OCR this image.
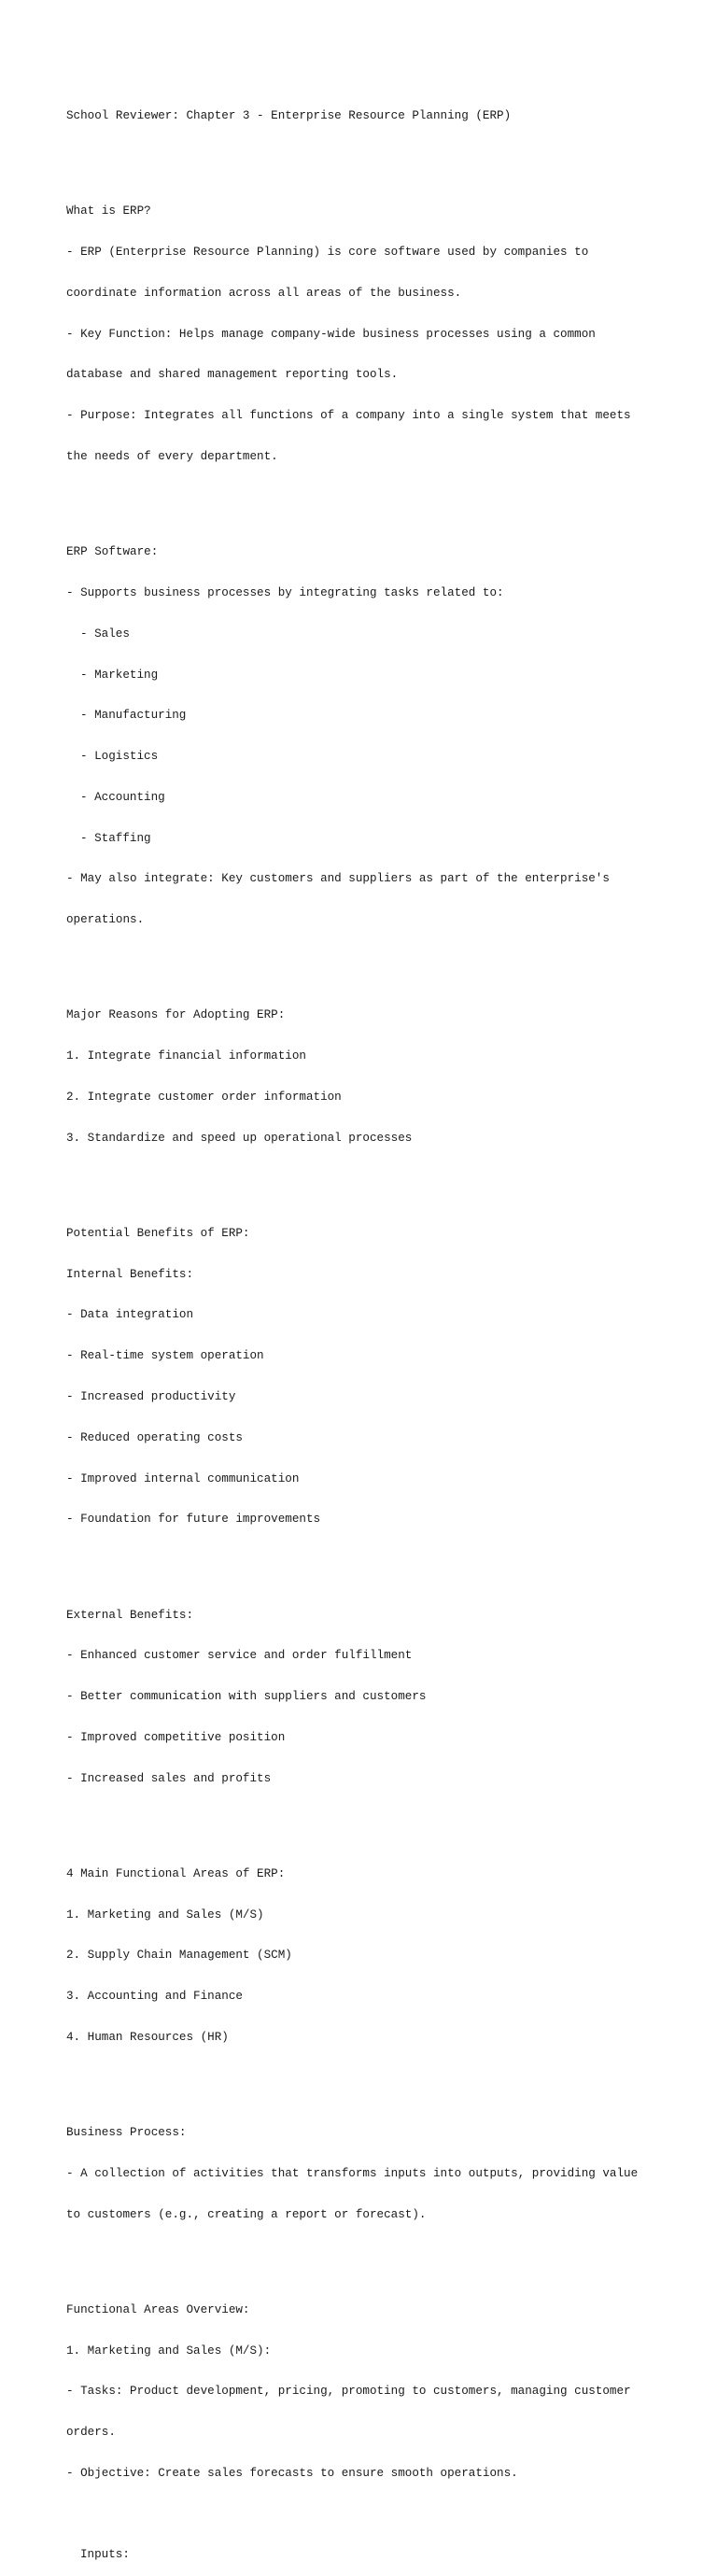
School Reviewer: Chapter 3 - Enterprise Resource Planning (ERP)

What is ERP?

- ERP (Enterprise Resource Planning) is core software used by companies to

coordinate information across all areas of the business.

- Key Function: Helps manage company-wide business processes using a common

database and shared management reporting tools.

- Purpose: Integrates all functions of a company into a single system that meets

the needs of every department.

ERP Software:

- Supports business processes by integrating tasks related to:

- Sales

- Marketing

- Manufacturing

- Logistics

- Accounting

- Staffing

- May also integrate: Key customers and suppliers as part of the enterprise's

operations.

Major Reasons for Adopting ERP:

1. Integrate financial information

2. Integrate customer order information

3. Standardize and speed up operational processes

Potential Benefits of ERP:

Internal Benefits:

- Data integration

- Real-time system operation

- Increased productivity

- Reduced operating costs

- Improved internal communication

- Foundation for future improvements

External Benefits:

- Enhanced customer service and order fulfillment

- Better communication with suppliers and customers

- Improved competitive position

- Increased sales and profits

4 Main Functional Areas of ERP:

1. Marketing and Sales (M/S)

2. Supply Chain Management (SCM)

3. Accounting and Finance

4. Human Resources (HR)

Business Process:

- A collection of activities that transforms inputs into outputs, providing value

to customers (e.g., creating a report or forecast).

Functional Areas Overview:

1. Marketing and Sales (M/S):

- Tasks: Product development, pricing, promoting to customers, managing customer

orders.

- Objective: Create sales forecasts to ensure smooth operations.

Inputs:
